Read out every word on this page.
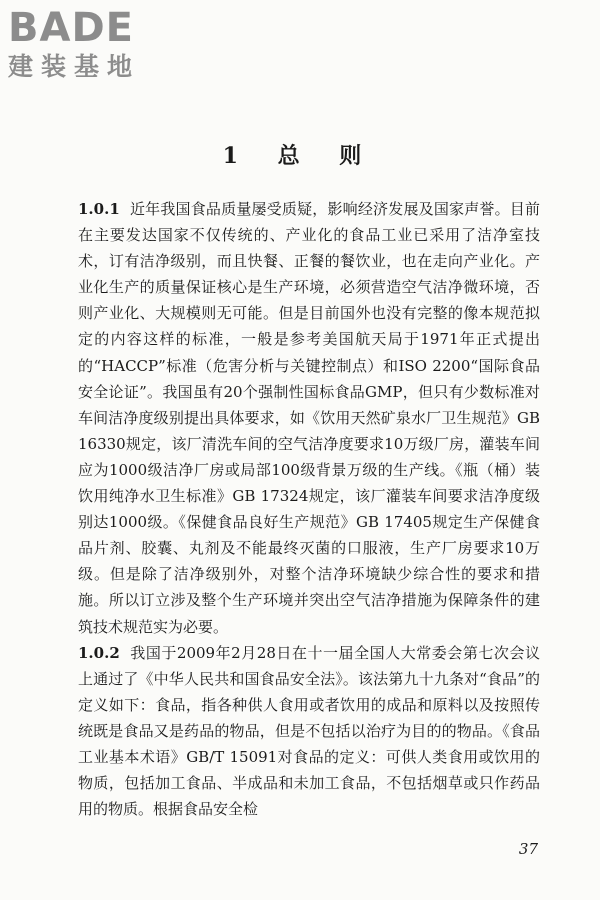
BADE
建装基地
1 总 则

1.0.1 近年我国食品质量屡受质疑，影响经济发展及国家声誉。目前在主要发达国家不仅传统的、产业化的食品工业已采用了洁净室技术，订有洁净级别，而且快餐、正餐的餐饮业，也在走向产业化。产业化生产的质量保证核心是生产环境，必须营造空气洁净微环境，否则产业化、大规模则无可能。但是目前国外也没有完整的像本规范拟定的内容这样的标准，一般是参考美国航天局于1971年正式提出的“HACCP”标准（危害分析与关键控制点）和ISO 2200“国际食品安全论证”。我国虽有20个强制性国标食品GMP，但只有少数标准对车间洁净度级别提出具体要求，如《饮用天然矿泉水厂卫生规范》GB 16330规定，该厂清洗车间的空气洁净度要求10万级厂房，灌装车间应为1000级洁净厂房或局部100级背景万级的生产线。《瓶（桶）装饮用纯净水卫生标准》GB 17324规定，该厂灌装车间要求洁净度级别达1000级。《保健食品良好生产规范》GB 17405规定生产保健食品片剂、胶囊、丸剂及不能最终灭菌的口服液，生产厂房要求10万级。但是除了洁净级别外，对整个洁净环境缺少综合性的要求和措施。所以订立涉及整个生产环境并突出空气洁净措施为保障条件的建筑技术规范实为必要。

1.0.2 我国于2009年2月28日在十一届全国人大常委会第七次会议上通过了《中华人民共和国食品安全法》。该法第九十九条对“食品”的定义如下：食品，指各种供人食用或者饮用的成品和原料以及按照传统既是食品又是药品的物品，但是不包括以治疗为目的的物品。《食品工业基本术语》GB/T 15091对食品的定义：可供人类食用或饮用的物质，包括加工食品、半成品和未加工食品，不包括烟草或只作药品用的物质。根据食品安全检

37
